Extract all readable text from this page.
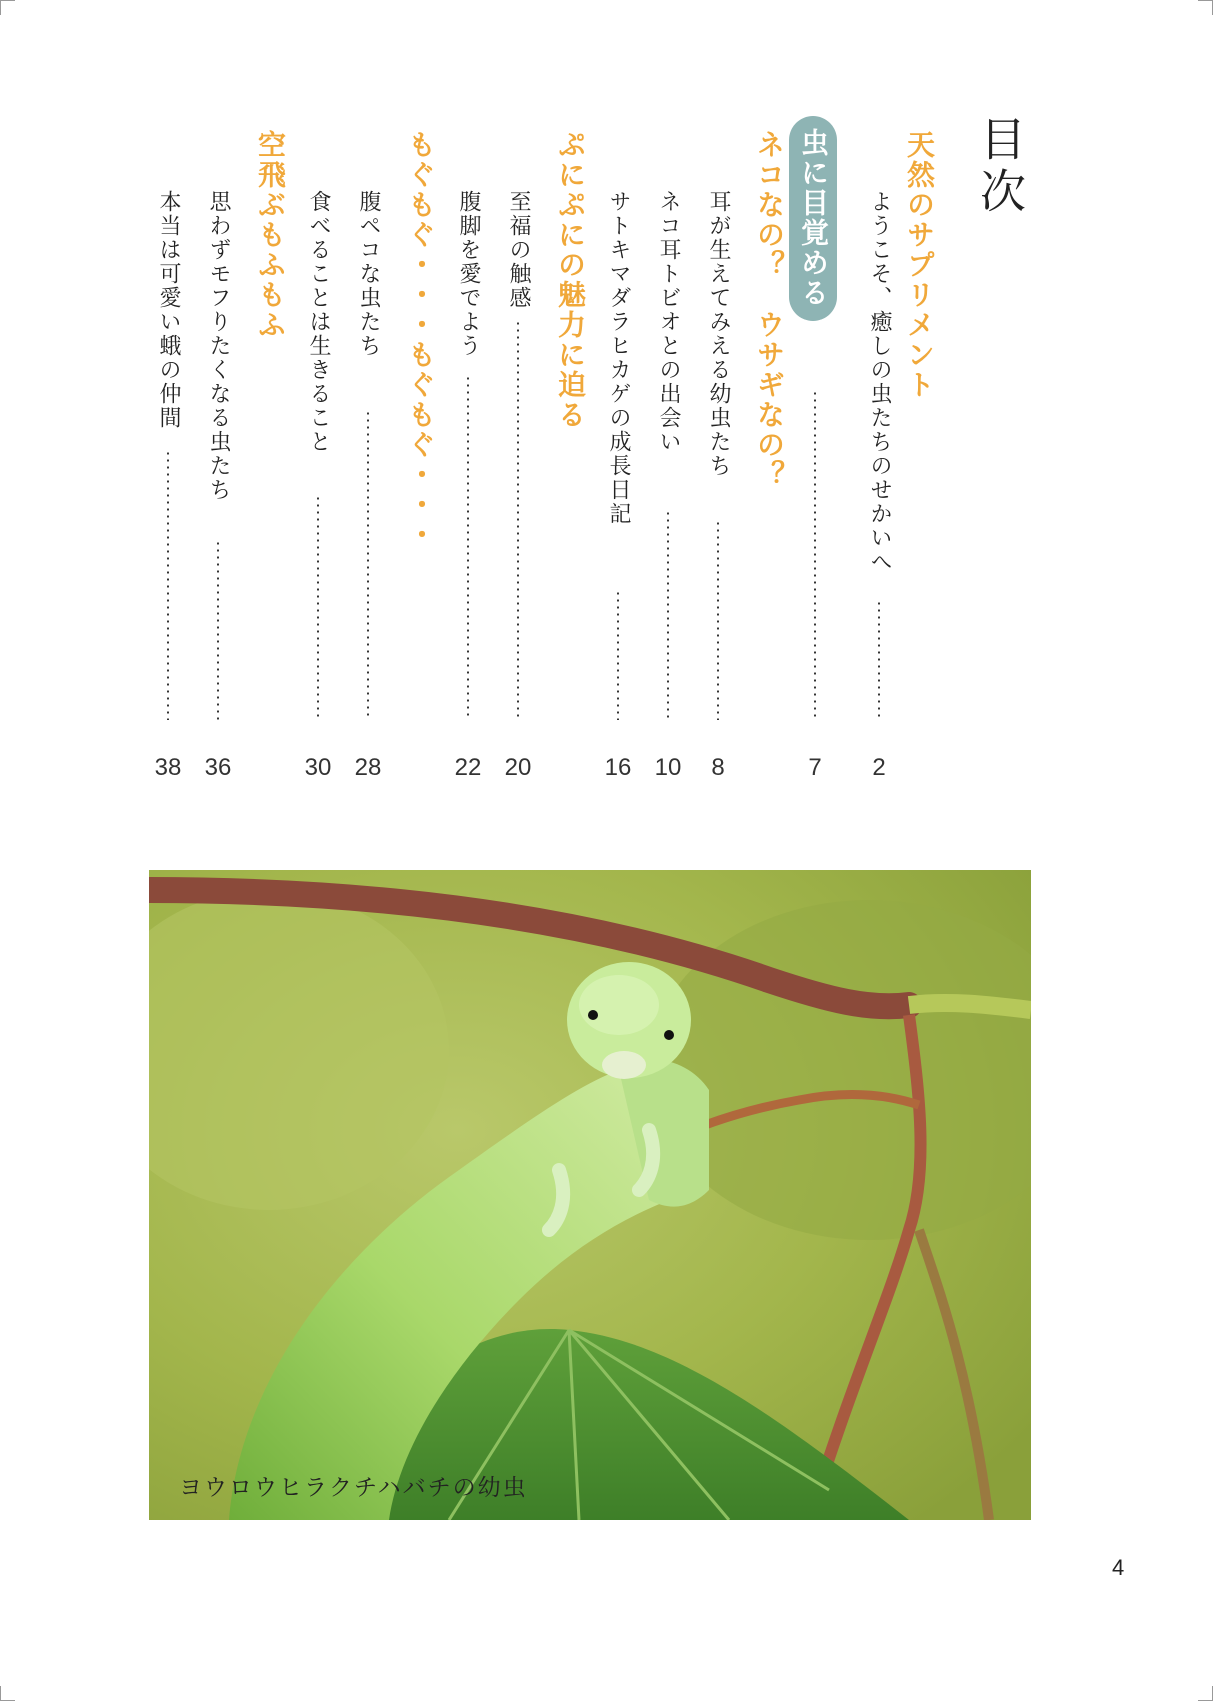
目次
天然のサプリメント
ようこそ、癒しの虫たちのせかいへ
2
虫に目覚める
7
ネコなの？　ウサギなの？
耳が生えてみえる幼虫たち
8
ネコ耳トビオとの出会い
10
サトキマダラヒカゲの成長日記
16
ぷにぷにの魅力に迫る
至福の触感
20
腹脚を愛でよう
22
もぐもぐ・・・もぐもぐ・・・
腹ペコな虫たち
28
食べることは生きること
30
空飛ぶもふもふ
思わずモフりたくなる虫たち
36
本当は可愛い蛾の仲間
38
ヨウロウヒラクチハバチの幼虫
4
